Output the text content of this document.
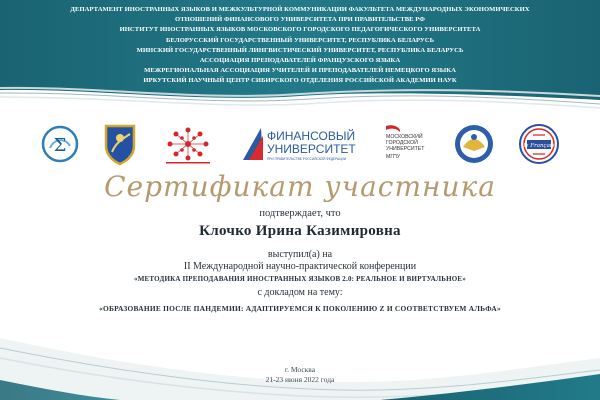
ДЕПАРТАМЕНТ ИНОСТРАННЫХ ЯЗЫКОВ И МЕЖКУЛЬТУРНОЙ КОММУНИКАЦИИ ФАКУЛЬТЕТА МЕЖДУНАРОДНЫХ ЭКОНОМИЧЕСКИХ
ОТНОШЕНИЙ ФИНАНСОВОГО УНИВЕРСИТЕТА ПРИ ПРАВИТЕЛЬСТВЕ РФ
ИНСТИТУТ ИНОСТРАННЫХ ЯЗЫКОВ МОСКОВСКОГО ГОРОДСКОГО ПЕДАГОГИЧЕСКОГО УНИВЕРСИТЕТА
БЕЛОРУССКИЙ ГОСУДАРСТВЕННЫЙ УНИВЕРСИТЕТ, РЕСПУБЛИКА БЕЛАРУСЬ
МИНСКИЙ ГОСУДАРСТВЕННЫЙ ЛИНГВИСТИЧЕСКИЙ УНИВЕРСИТЕТ, РЕСПУБЛИКА БЕЛАРУСЬ
АССОЦИАЦИЯ ПРЕПОДАВАТЕЛЕЙ ФРАНЦУЗСКОГО ЯЗЫКА
МЕЖРЕГИОНАЛЬНАЯ АССОЦИАЦИЯ УЧИТЕЛЕЙ И ПРЕПОДАВАТЕЛЕЙ НЕМЕЦКОГО ЯЗЫКА
ИРКУТСКИЙ НАУЧНЫЙ ЦЕНТР СИБИРСКОГО ОТДЕЛЕНИЯ РОССИЙСКОЙ АКАДЕМИИ НАУК
Σ	ФИНАНСОВЫЙ
УНИВЕРСИТЕТ
ПРИ ПРАВИТЕЛЬСТВЕ РОССИЙСКОЙ ФЕДЕРАЦИИ
МОСКОВСКИЙ
ГОРОДСКОЙ
УНИВЕРСИТЕТ
МГПУ
le Français
Сертификат участника
подтверждает, что
Клочко Ирина Казимировна
выступил(а) на
II Международной научно-практической конференции
«МЕТОДИКА ПРЕПОДАВАНИЯ ИНОСТРАННЫХ ЯЗЫКОВ 2.0: РЕАЛЬНОЕ И ВИРТУАЛЬНОЕ»
с докладом на тему:
«ОБРАЗОВАНИЕ ПОСЛЕ ПАНДЕМИИ: АДАПТИРУЕМСЯ К ПОКОЛЕНИЮ Z И СООТВЕТСТВУЕМ АЛЬФА»
г. Москва
21-23 июня 2022 года
